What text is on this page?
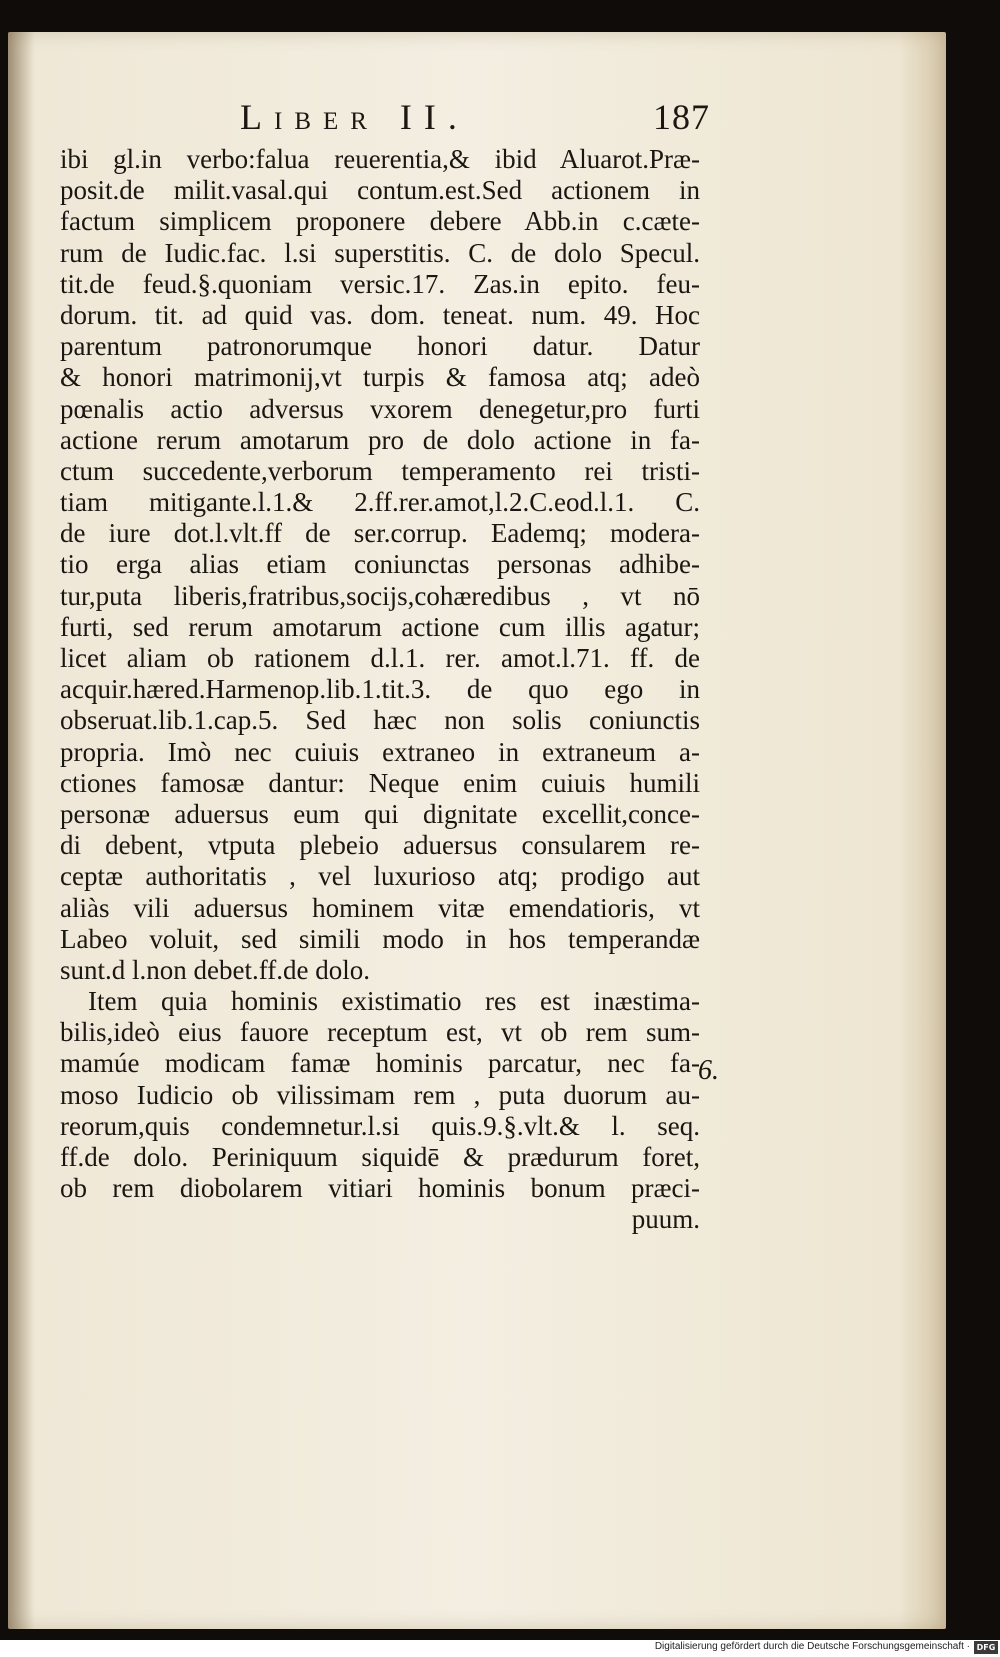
Liber II.	187
ibi gl.in verbo:falua reuerentia,& ibid Aluarot.Præ-
posit.de milit.vasal.qui contum.est.Sed actionem in
factum simplicem proponere debere Abb.in c.cæte-
rum de Iudic.fac. l.si superstitis. C. de dolo Specul.
tit.de feud.§.quoniam versic.17. Zas.in epito. feu-
dorum. tit. ad quid vas. dom. teneat. num. 49. Hoc
parentum patronorumque honori datur. Datur
& honori matrimonij,vt turpis & famosa atq; adeò
pœnalis actio adversus vxorem denegetur,pro furti
actione rerum amotarum pro de dolo actione in fa-
ctum succedente,verborum temperamento rei tristi-
tiam mitigante.l.1.& 2.ff.rer.amot,l.2.C.eod.l.1. C.
de iure dot.l.vlt.ff de ser.corrup. Eademq; modera-
tio erga alias etiam coniunctas personas adhibe-
tur,puta liberis,fratribus,socijs,cohæredibus , vt nō
furti, sed rerum amotarum actione cum illis agatur;
licet aliam ob rationem d.l.1. rer. amot.l.71. ff. de
acquir.hæred.Harmenop.lib.1.tit.3. de quo ego in
obseruat.lib.1.cap.5. Sed hæc non solis coniunctis
propria. Imò nec cuiuis extraneo in extraneum a-
ctiones famosæ dantur: Neque enim cuiuis humili
personæ aduersus eum qui dignitate excellit,conce-
di debent, vtputa plebeio aduersus consularem re-
ceptæ authoritatis , vel luxurioso atq; prodigo aut
aliàs vili aduersus hominem vitæ emendatioris, vt
Labeo voluit, sed simili modo in hos temperandæ
sunt.d l.non debet.ff.de dolo.
Item quia hominis existimatio res est inæstima-
bilis,ideò eius fauore receptum est, vt ob rem sum-
mamúe modicam famæ hominis parcatur, nec fa-
moso Iudicio ob vilissimam rem , puta duorum au-
reorum,quis condemnetur.l.si quis.9.§.vlt.& l. seq.
ff.de dolo. Periniquum siquidē & prædurum foret,
ob rem diobolarem vitiari hominis bonum præci-
puum.
6.
Digitalisierung gefördert durch die Deutsche Forschungsgemeinschaft · DFG
